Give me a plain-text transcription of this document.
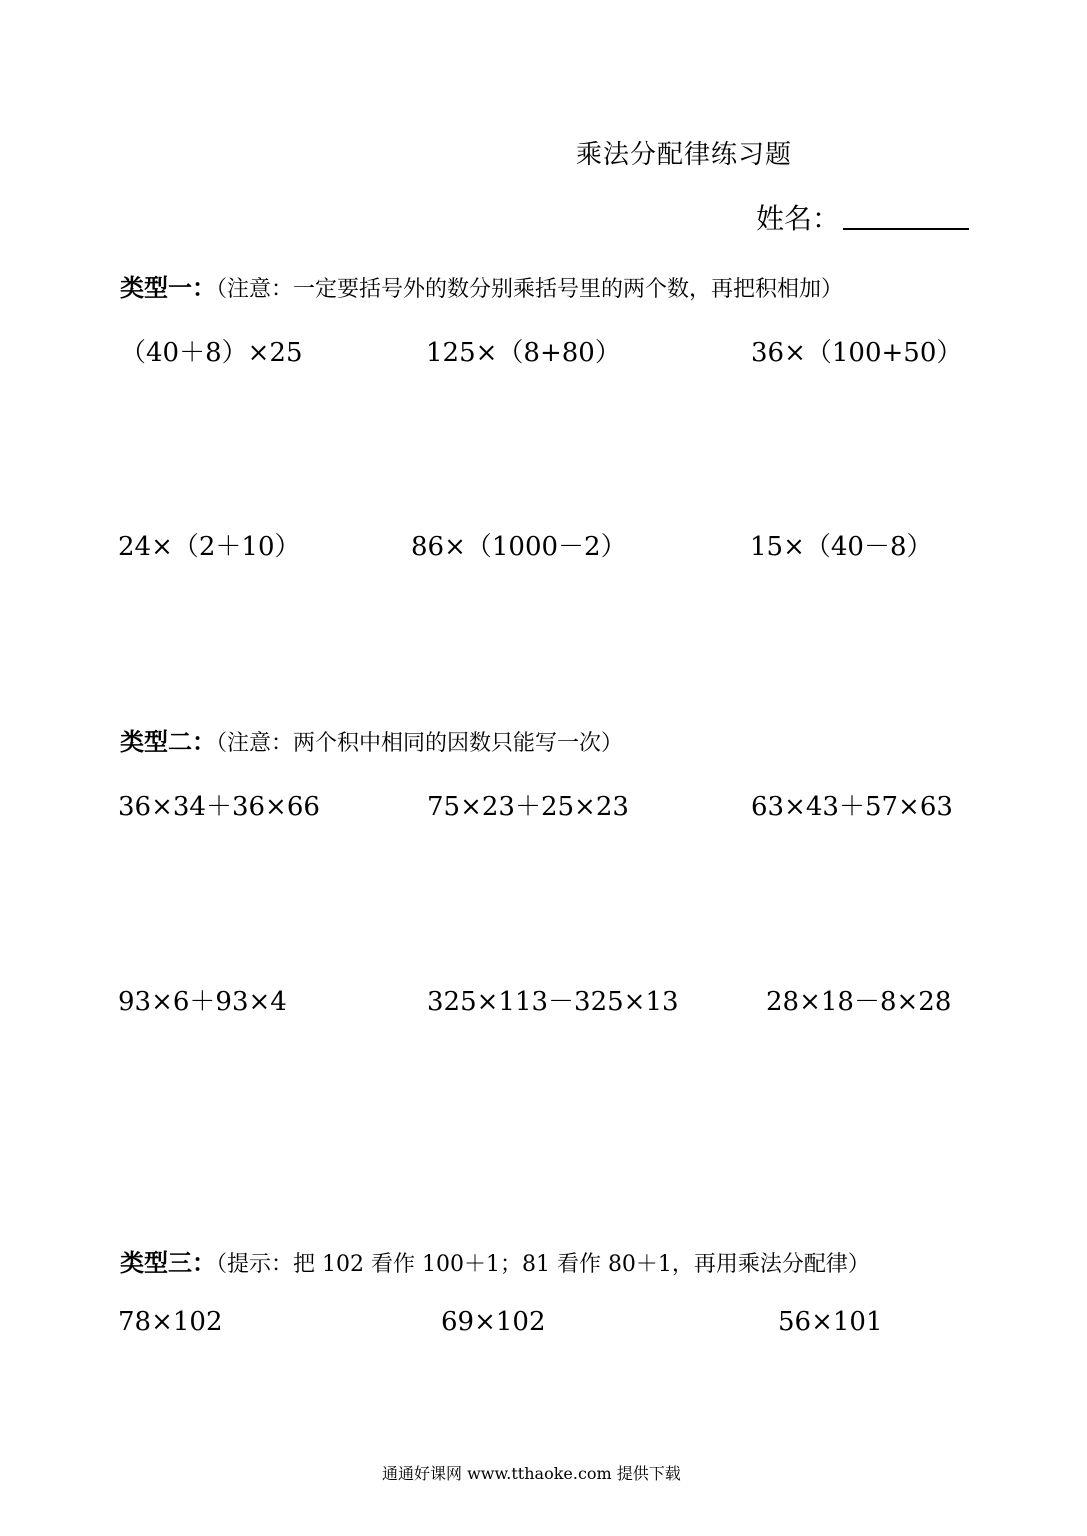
乘法分配律练习题
姓名：
类型一：（注意：一定要括号外的数分别乘括号里的两个数，再把积相加）
（40＋8）×25	125×（8+80）	36×（100+50）
24×（2＋10）	86×（1000－2）	15×（40－8）
类型二：（注意：两个积中相同的因数只能写一次）
36×34＋36×66	75×23＋25×23	63×43＋57×63
93×6＋93×4	325×113－325×13	28×18－8×28
类型三：（提示：把 102 看作 100＋1；81 看作 80＋1，再用乘法分配律）
78×102	69×102	56×101
通通好课网 www.tthaoke.com 提供下载
